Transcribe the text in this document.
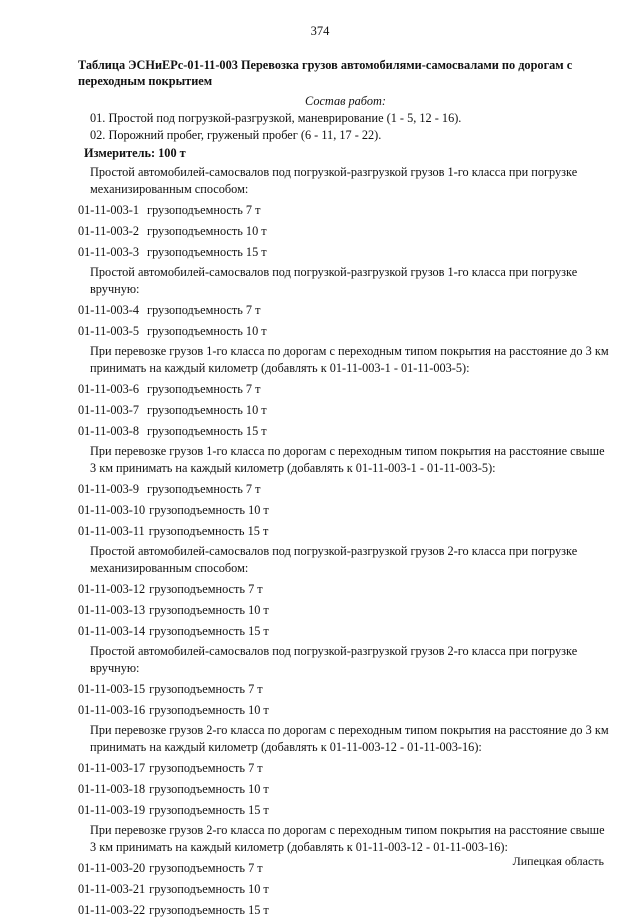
374
Таблица ЭСНиЕРс-01-11-003 Перевозка грузов автомобилями-самосвалами по дорогам с переходным покрытием
Состав работ:
01. Простой под погрузкой-разгрузкой, маневрирование (1 - 5, 12 - 16).
02. Порожний пробег, груженый пробег (6 - 11, 17 - 22).
Измеритель: 100 т
Простой автомобилей-самосвалов под погрузкой-разгрузкой грузов 1-го класса при погрузке механизированным способом:
01-11-003-1 грузоподъемность 7 т
01-11-003-2 грузоподъемность 10 т
01-11-003-3 грузоподъемность 15 т
Простой автомобилей-самосвалов под погрузкой-разгрузкой грузов 1-го класса при погрузке вручную:
01-11-003-4 грузоподъемность 7 т
01-11-003-5 грузоподъемность 10 т
При перевозке грузов 1-го класса по дорогам с переходным типом покрытия на расстояние до 3 км принимать на каждый километр (добавлять к 01-11-003-1 - 01-11-003-5):
01-11-003-6 грузоподъемность 7 т
01-11-003-7 грузоподъемность 10 т
01-11-003-8 грузоподъемность 15 т
При перевозке грузов 1-го класса по дорогам с переходным типом покрытия на расстояние свыше 3 км принимать на каждый километр (добавлять к 01-11-003-1 - 01-11-003-5):
01-11-003-9 грузоподъемность 7 т
01-11-003-10 грузоподъемность 10 т
01-11-003-11 грузоподъемность 15 т
Простой автомобилей-самосвалов под погрузкой-разгрузкой грузов 2-го класса при погрузке механизированным способом:
01-11-003-12 грузоподъемность 7 т
01-11-003-13 грузоподъемность 10 т
01-11-003-14 грузоподъемность 15 т
Простой автомобилей-самосвалов под погрузкой-разгрузкой грузов 2-го класса при погрузке вручную:
01-11-003-15 грузоподъемность 7 т
01-11-003-16 грузоподъемность 10 т
При перевозке грузов 2-го класса по дорогам с переходным типом покрытия на расстояние до 3 км принимать на каждый километр (добавлять к 01-11-003-12 - 01-11-003-16):
01-11-003-17 грузоподъемность 7 т
01-11-003-18 грузоподъемность 10 т
01-11-003-19 грузоподъемность 15 т
При перевозке грузов 2-го класса по дорогам с переходным типом покрытия на расстояние свыше 3 км принимать на каждый километр (добавлять к 01-11-003-12 - 01-11-003-16):
01-11-003-20 грузоподъемность 7 т
01-11-003-21 грузоподъемность 10 т
01-11-003-22 грузоподъемность 15 т
Липецкая область
